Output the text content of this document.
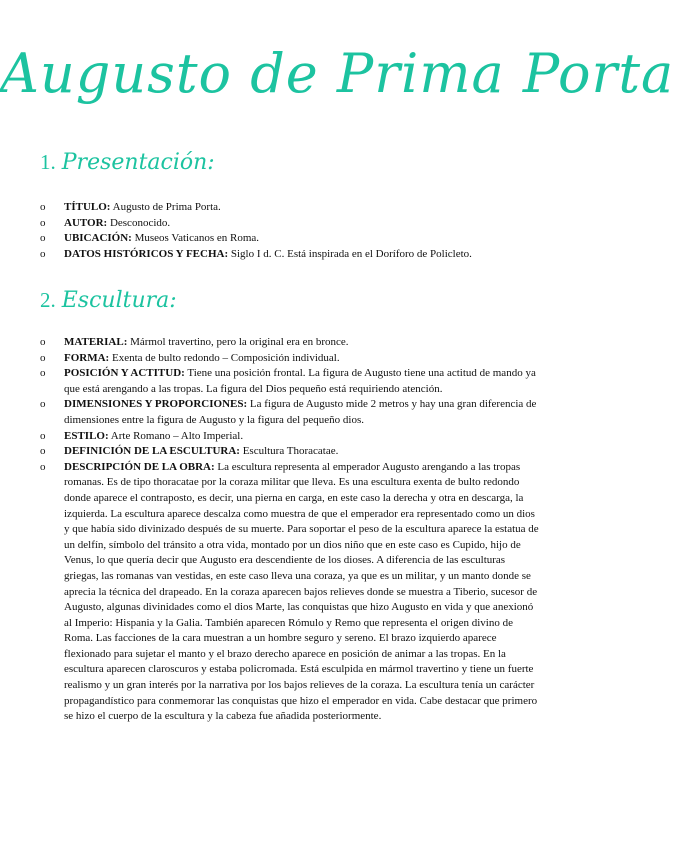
Augusto de Prima Porta
1. Presentación:
o TÍTULO: Augusto de Prima Porta.
o AUTOR: Desconocido.
o UBICACIÓN: Museos Vaticanos en Roma.
o DATOS HISTÓRICOS Y FECHA: Siglo I d. C. Está inspirada en el Doríforo de Policleto.
2. Escultura:
o MATERIAL: Mármol travertino, pero la original era en bronce.
o FORMA: Exenta de bulto redondo – Composición individual.
o POSICIÓN Y ACTITUD: Tiene una posición frontal. La figura de Augusto tiene una actitud de mando ya que está arengando a las tropas. La figura del Dios pequeño está requiriendo atención.
o DIMENSIONES Y PROPORCIONES: La figura de Augusto mide 2 metros y hay una gran diferencia de dimensiones entre la figura de Augusto y la figura del pequeño dios.
o ESTILO: Arte Romano – Alto Imperial.
o DEFINICIÓN DE LA ESCULTURA: Escultura Thoracatae.
o DESCRIPCIÓN DE LA OBRA: La escultura representa al emperador Augusto arengando a las tropas romanas. Es de tipo thoracatae por la coraza militar que lleva. Es una escultura exenta de bulto redondo donde aparece el contraposto, es decir, una pierna en carga, en este caso la derecha y otra en descarga, la izquierda. La escultura aparece descalza como muestra de que el emperador era representado como un dios y que había sido divinizado después de su muerte. Para soportar el peso de la escultura aparece la estatua de un delfín, símbolo del tránsito a otra vida, montado por un dios niño que en este caso es Cupido, hijo de Venus, lo que quería decir que Augusto era descendiente de los dioses. A diferencia de las esculturas griegas, las romanas van vestidas, en este caso lleva una coraza, ya que es un militar, y un manto donde se aprecia la técnica del drapeado. En la coraza aparecen bajos relieves donde se muestra a Tiberio, sucesor de Augusto, algunas divinidades como el dios Marte, las conquistas que hizo Augusto en vida y que anexionó al Imperio: Hispania y la Galia. También aparecen Rómulo y Remo que representa el origen divino de Roma. Las facciones de la cara muestran a un hombre seguro y sereno. El brazo izquierdo aparece flexionado para sujetar el manto y el brazo derecho aparece en posición de animar a las tropas. En la escultura aparecen claroscuros y estaba policromada. Está esculpida en mármol travertino y tiene un fuerte realismo y un gran interés por la narrativa por los bajos relieves de la coraza. La escultura tenía un carácter propagandístico para conmemorar las conquistas que hizo el emperador en vida. Cabe destacar que primero se hizo el cuerpo de la escultura y la cabeza fue añadida posteriormente.
